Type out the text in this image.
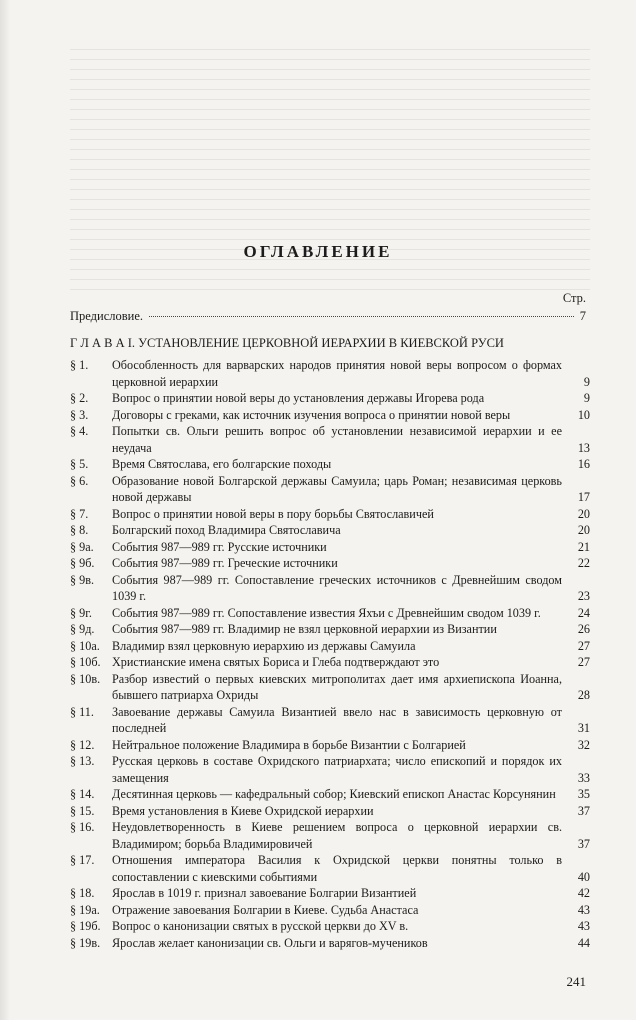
ОГЛАВЛЕНИЕ
Стр.
Предисловие.	7
Г Л А В А I. УСТАНОВЛЕНИЕ ЦЕРКОВНОЙ ИЕРАРХИИ В КИЕВСКОЙ РУСИ
§ 1.	Обособленность для варварских народов принятия новой веры вопросом о формах церковной иерархии	9
§ 2.	Вопрос о принятии новой веры до установления державы Игорева рода	9
§ 3.	Договоры с греками, как источник изучения вопроса о принятии новой веры	10
§ 4.	Попытки св. Ольги решить вопрос об установлении независимой иерархии и ее неудача	13
§ 5.	Время Святослава, его болгарские походы	16
§ 6.	Образование новой Болгарской державы Самуила; царь Роман; независимая церковь новой державы	17
§ 7.	Вопрос о принятии новой веры в пору борьбы Святославичей	20
§ 8.	Болгарский поход Владимира Святославича	20
§ 9а.	События 987—989 гг. Русские источники	21
§ 9б.	События 987—989 гг. Греческие источники	22
§ 9в.	События 987—989 гг. Сопоставление греческих источников с Древнейшим сводом 1039 г.	23
§ 9г.	События 987—989 гг. Сопоставление известия Яхъи с Древнейшим сводом 1039 г.	24
§ 9д.	События 987—989 гг. Владимир не взял церковной иерархии из Византии	26
§ 10а.	Владимир взял церковную иерархию из державы Самуила	27
§ 10б. Христианские имена святых Бориса и Глеба подтверждают это	27
§ 10в. Разбор известий о первых киевских митрополитах дает имя архиепископа Иоанна, бывшего патриарха Охриды	28
§ 11.	Завоевание державы Самуила Византией ввело нас в зависимость церковную от последней	31
§ 12.	Нейтральное положение Владимира в борьбе Византии с Болгарией	32
§ 13.	Русская церковь в составе Охридского патриархата; число епископий и порядок их замещения	33
§ 14.	Десятинная церковь — кафедральный собор; Киевский епископ Анастас Корсунянин	35
§ 15.	Время установления в Киеве Охридской иерархии	37
§ 16.	Неудовлетворенность в Киеве решением вопроса о церковной иерархии св. Владимиром; борьба Владимировичей	37
§ 17.	Отношения императора Василия к Охридской церкви понятны только в сопоставлении с киевскими событиями	40
§ 18.	Ярослав в 1019 г. признал завоевание Болгарии Византией	42
§ 19а.	Отражение завоевания Болгарии в Киеве. Судьба Анастаса	43
§ 19б. Вопрос о канонизации святых в русской церкви до XV в.	43
§ 19в. Ярослав желает канонизации св. Ольги и варягов-мучеников	44
241
